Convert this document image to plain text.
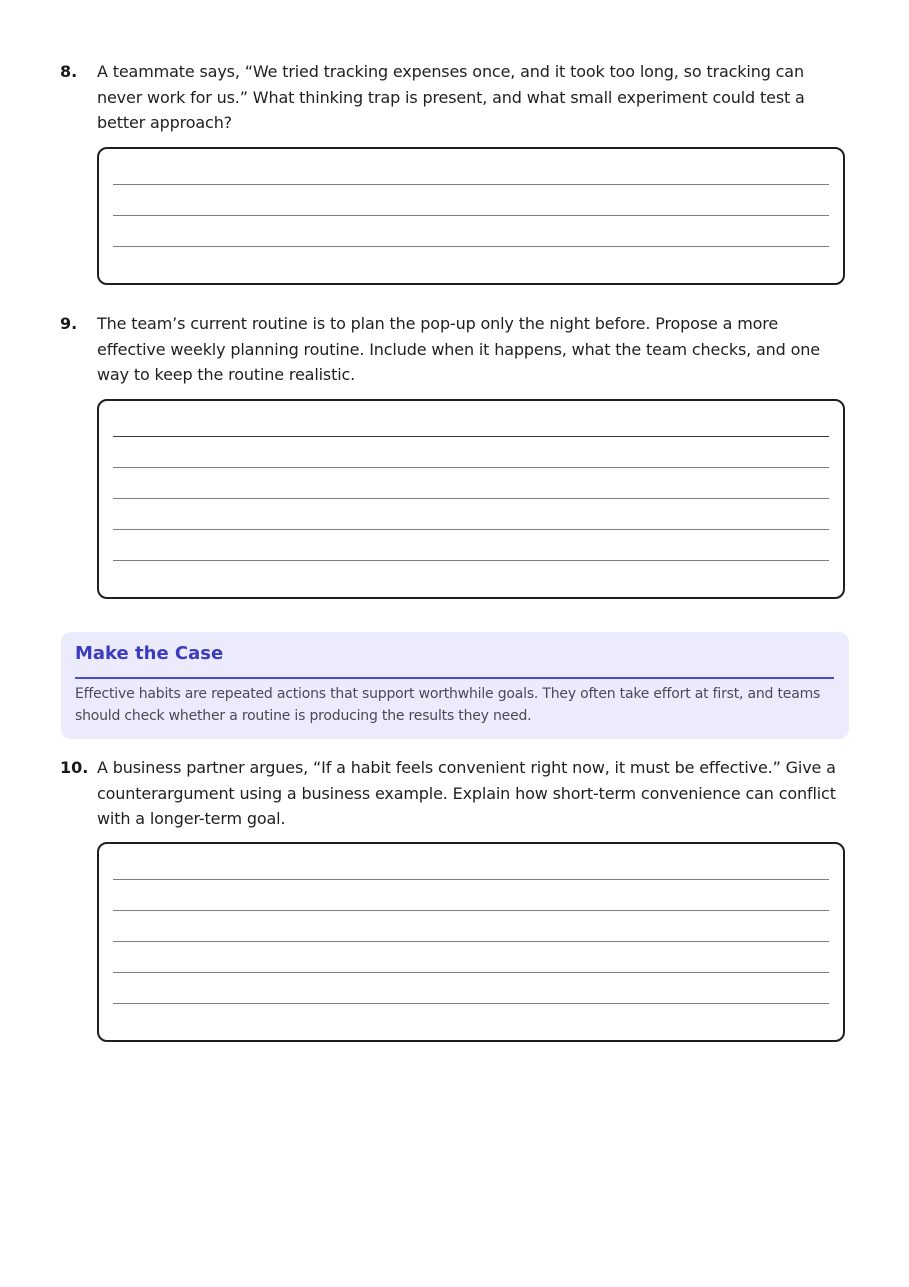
8.	A teammate says, “We tried tracking expenses once, and it took too long, so tracking can never work for us.” What thinking trap is present, and what small experiment could test a better approach?
9.	The team’s current routine is to plan the pop-up only the night before. Propose a more effective weekly planning routine. Include when it happens, what the team checks, and one way to keep the routine realistic.
Make the Case
Effective habits are repeated actions that support worthwhile goals. They often take effort at first, and teams should check whether a routine is producing the results they need.
10. A business partner argues, “If a habit feels convenient right now, it must be effective.” Give a counterargument using a business example. Explain how short-term convenience can conflict with a longer-term goal.
